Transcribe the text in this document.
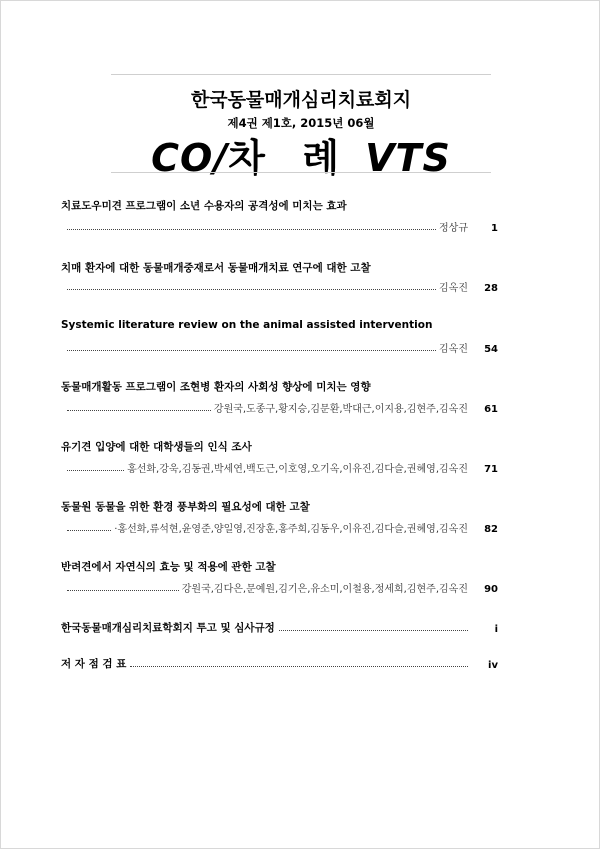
한국동물매개심리치료회지
제4권 제1호, 2015년 06월
CO/차 례 VTS
치료도우미견 프로그램이 소년 수용자의 공격성에 미치는 효과
정상규	1
치매 환자에 대한 동물매개중재로서 동물매개치료 연구에 대한 고찰
김옥진	28
Systemic literature review on the animal assisted intervention
김옥진	54
동물매개활동 프로그램이 조현병 환자의 사회성 향상에 미치는 영향
강원국,도종구,황지승,김문환,박대근,이지용,김현주,김옥진	61
유기견 입양에 대한 대학생들의 인식 조사
홍선화,강욱,김동권,박세연,백도근,이호영,오기옥,이유진,김다슬,권혜영,김옥진	71
동물원 동물을 위한 환경 풍부화의 필요성에 대한 고찰
·홍선화,류석현,윤영준,양일영,진장훈,홍주희,김동우,이유진,김다슬,권혜영,김옥진	82
반려견에서 자연식의 효능 및 적용에 관한 고찰
강원국,김다은,문예원,김기은,유소미,이철용,정세희,김현주,김옥진	90
한국동물매개심리치료학회지 투고 및 심사규정	i
저 자 점 검 표	iv
